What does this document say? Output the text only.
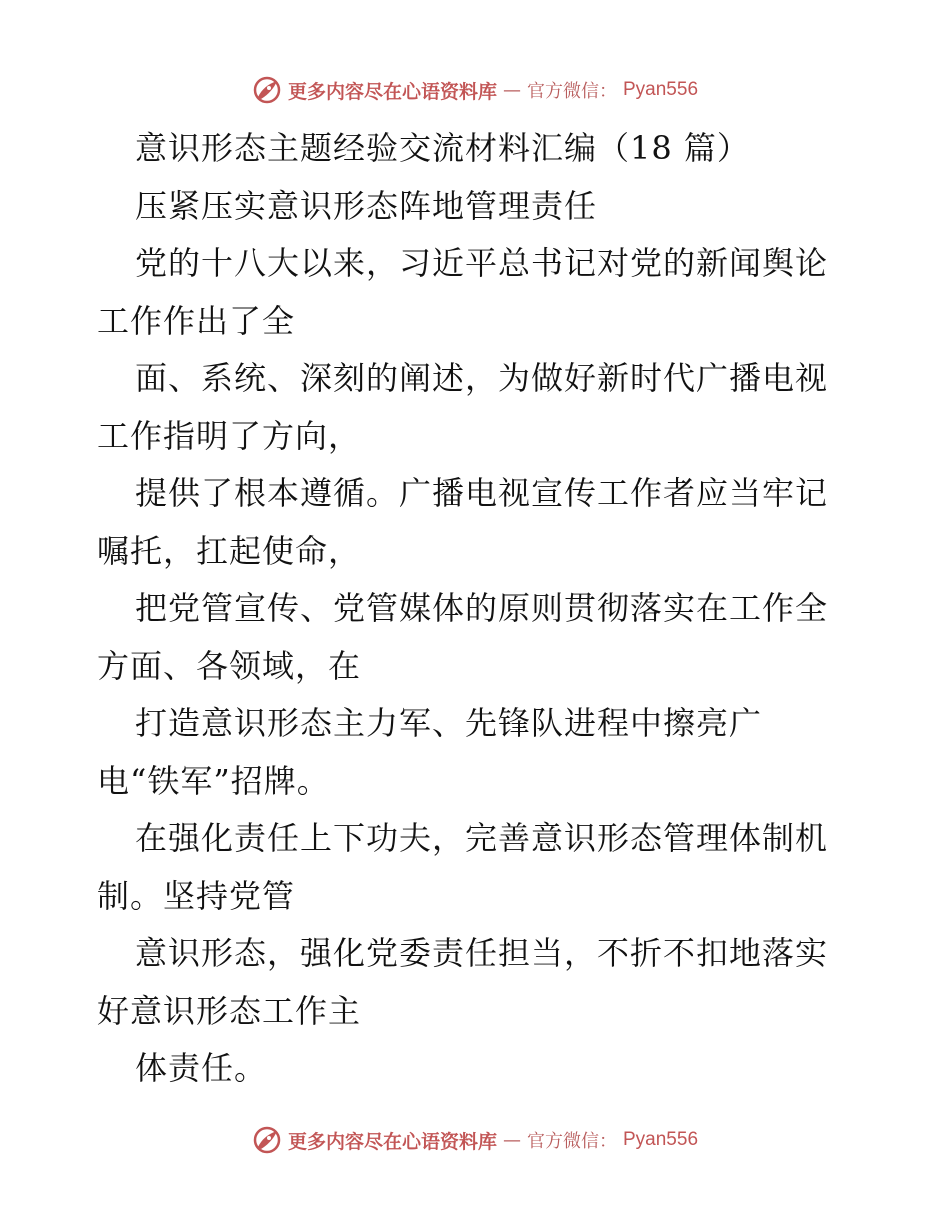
更多内容尽在心语资料库 — 官方微信： Pyan556
意识形态主题经验交流材料汇编（18 篇）
压紧压实意识形态阵地管理责任
党的十八大以来，习近平总书记对党的新闻舆论
工作作出了全
面、系统、深刻的阐述，为做好新时代广播电视
工作指明了方向，
提供了根本遵循。广播电视宣传工作者应当牢记
嘱托，扛起使命，
把党管宣传、党管媒体的原则贯彻落实在工作全
方面、各领域，在
打造意识形态主力军、先锋队进程中擦亮广
电“铁军”招牌。
在强化责任上下功夫，完善意识形态管理体制机
制。坚持党管
意识形态，强化党委责任担当，不折不扣地落实
好意识形态工作主
体责任。
更多内容尽在心语资料库 — 官方微信： Pyan556
